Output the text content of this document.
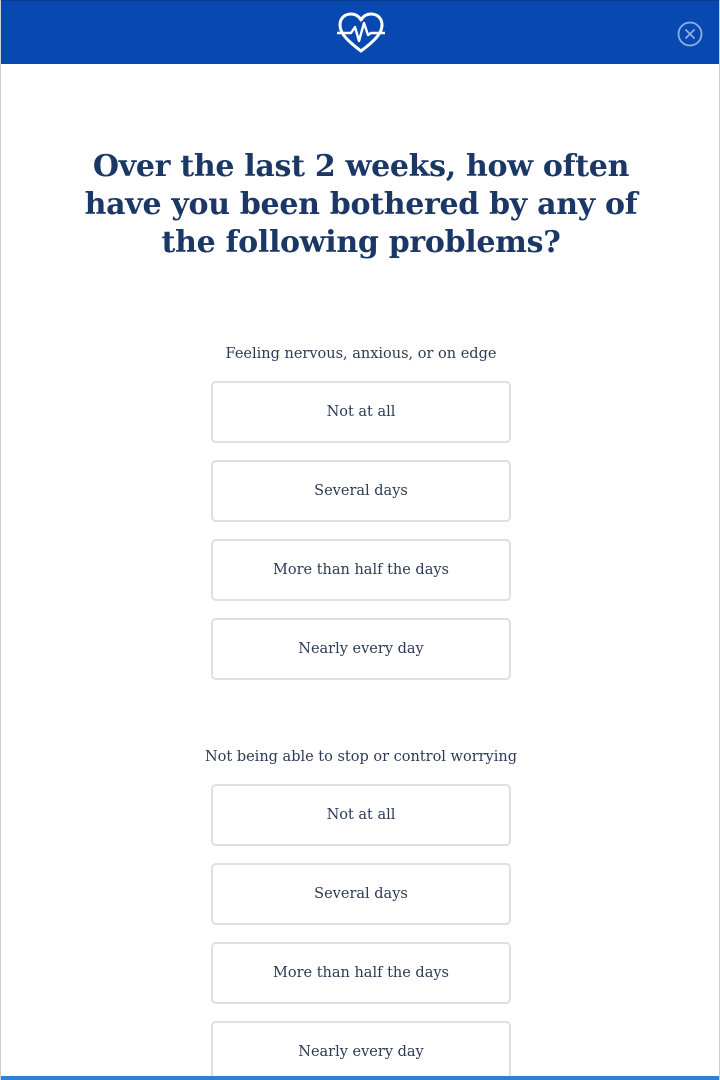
Over the last 2 weeks, how often have you been bothered by any of the following problems?
Feeling nervous, anxious, or on edge
Not at all
Several days
More than half the days
Nearly every day
Not being able to stop or control worrying
Not at all
Several days
More than half the days
Nearly every day
